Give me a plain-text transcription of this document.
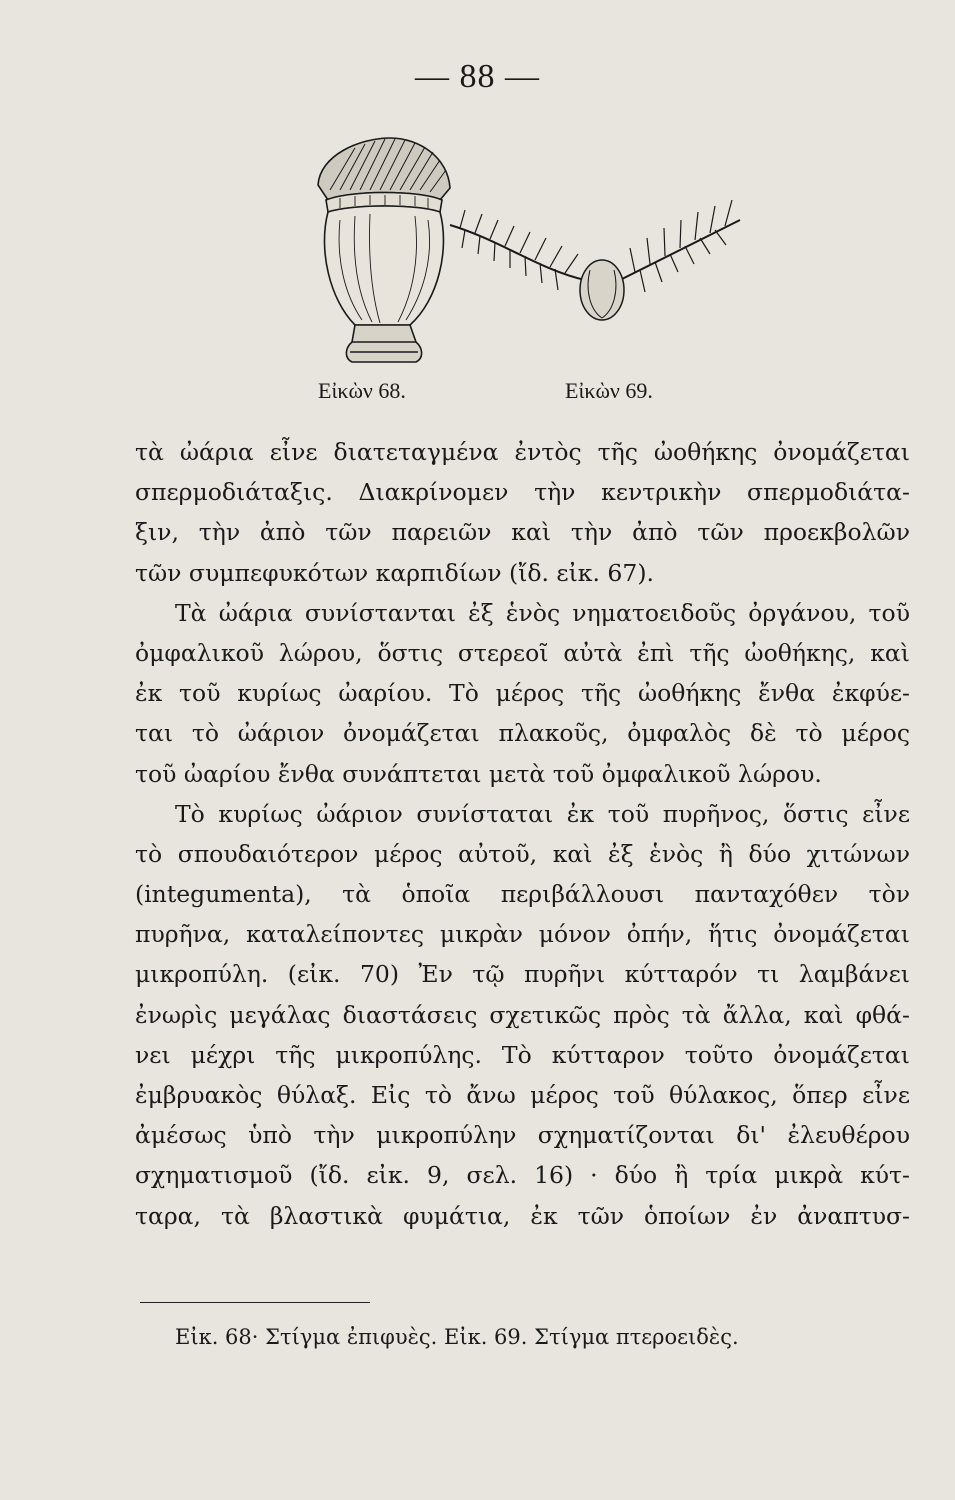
— 88 —
Εἰκὼν 68.	Εἰκὼν 69.
τὰ ὠάρια εἶνε διατεταγμένα ἐντὸς τῆς ὠοθήκης ὀνομάζεται
σπερμοδιάταξις. Διακρίνομεν τὴν κεντρικὴν σπερμοδιάτα-
ξιν, τὴν ἀπὸ τῶν παρειῶν καὶ τὴν ἀπὸ τῶν προεκβολῶν
τῶν συμπεφυκότων καρπιδίων (ἴδ. εἰκ. 67).
Τὰ ὠάρια συνίστανται ἐξ ἑνὸς νηματοειδοῦς ὀργάνου, τοῦ
ὀμφαλικοῦ λώρου, ὅστις στερεοῖ αὐτὰ ἐπὶ τῆς ὠοθήκης, καὶ
ἐκ τοῦ κυρίως ὠαρίου. Τὸ μέρος τῆς ὠοθήκης ἔνθα ἐκφύε-
ται τὸ ὠάριον ὀνομάζεται πλακοῦς, ὀμφαλὸς δὲ τὸ μέρος
τοῦ ὠαρίου ἔνθα συνάπτεται μετὰ τοῦ ὀμφαλικοῦ λώρου.
Τὸ κυρίως ὠάριον συνίσταται ἐκ τοῦ πυρῆνος, ὅστις εἶνε
τὸ σπουδαιότερον μέρος αὐτοῦ, καὶ ἐξ ἑνὸς ἢ δύο χιτώνων
(integumenta), τὰ ὁποῖα περιβάλλουσι πανταχόθεν τὸν
πυρῆνα, καταλείποντες μικρὰν μόνον ὀπήν, ἥτις ὀνομάζεται
μικροπύλη. (εἰκ. 70) Ἐν τῷ πυρῆνι κύτταρόν τι λαμβάνει
ἐνωρὶς μεγάλας διαστάσεις σχετικῶς πρὸς τὰ ἄλλα, καὶ φθά-
νει μέχρι τῆς μικροπύλης. Τὸ κύτταρον τοῦτο ὀνομάζεται
ἐμβρυακὸς θύλαξ. Εἰς τὸ ἄνω μέρος τοῦ θύλακος, ὅπερ εἶνε
ἀμέσως ὑπὸ τὴν μικροπύλην σχηματίζονται δι' ἐλευθέρου
σχηματισμοῦ (ἴδ. εἰκ. 9, σελ. 16) · δύο ἢ τρία μικρὰ κύτ-
ταρα, τὰ βλαστικὰ φυμάτια, ἐκ τῶν ὁποίων ἐν ἀναπτυσ-
Εἰκ. 68· Στίγμα ἐπιφυὲς. Εἰκ. 69. Στίγμα πτεροειδὲς.
